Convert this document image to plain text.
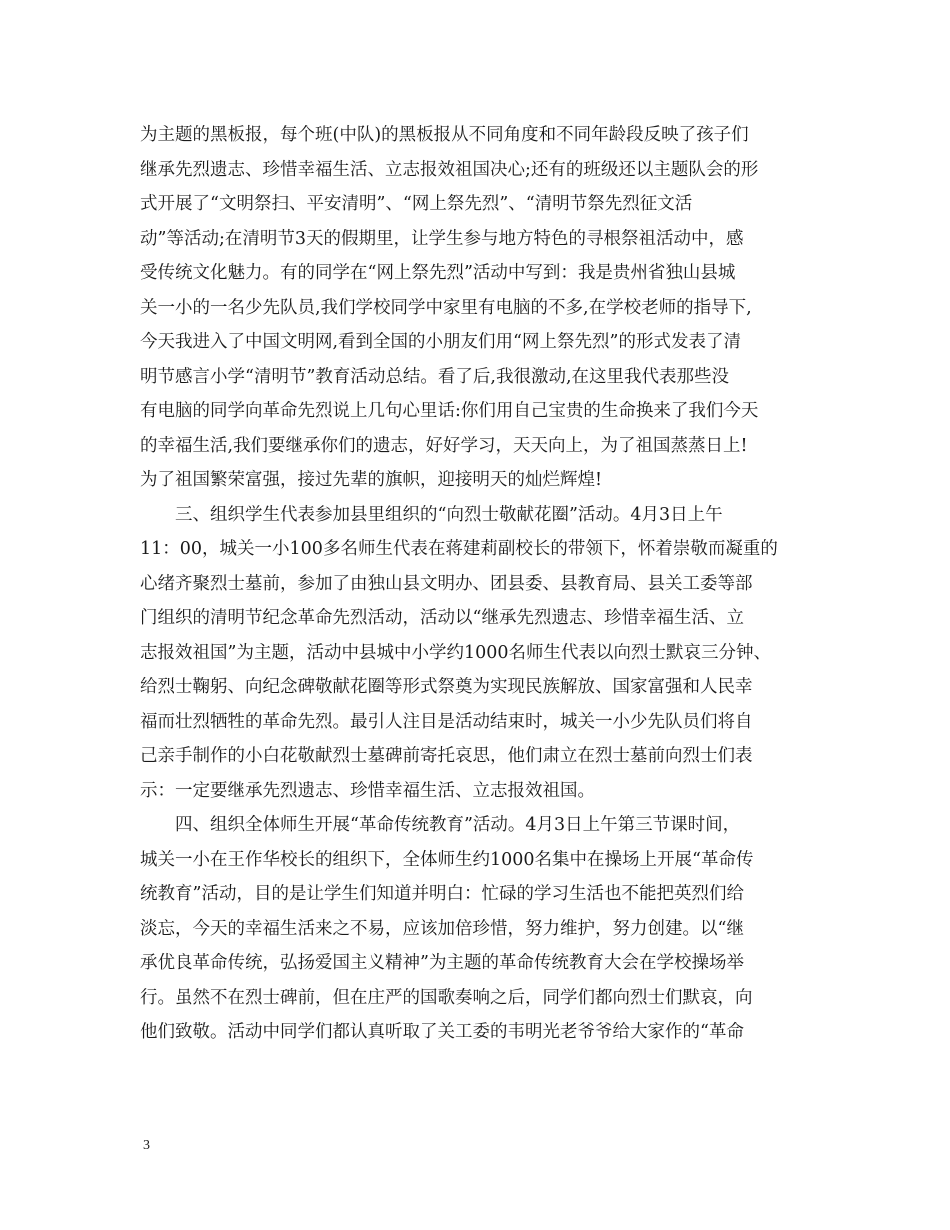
为主题的黑板报，每个班(中队)的黑板报从不同角度和不同年龄段反映了孩子们
继承先烈遗志、珍惜幸福生活、立志报效祖国决心;还有的班级还以主题队会的形
式开展了“文明祭扫、平安清明”、“网上祭先烈”、“清明节祭先烈征文活
动”等活动;在清明节3天的假期里，让学生参与地方特色的寻根祭祖活动中，感
受传统文化魅力。有的同学在“网上祭先烈”活动中写到：我是贵州省独山县城
关一小的一名少先队员,我们学校同学中家里有电脑的不多,在学校老师的指导下,
今天我进入了中国文明网,看到全国的小朋友们用“网上祭先烈”的形式发表了清
明节感言小学“清明节”教育活动总结。看了后,我很激动,在这里我代表那些没
有电脑的同学向革命先烈说上几句心里话:你们用自己宝贵的生命换来了我们今天
的幸福生活,我们要继承你们的遗志，好好学习，天天向上，为了祖国蒸蒸日上!
为了祖国繁荣富强，接过先辈的旗帜，迎接明天的灿烂辉煌!
　　三、组织学生代表参加县里组织的“向烈士敬献花圈”活动。4月3日上午
11：00，城关一小100多名师生代表在蒋建莉副校长的带领下，怀着崇敬而凝重的
心绪齐聚烈士墓前，参加了由独山县文明办、团县委、县教育局、县关工委等部
门组织的清明节纪念革命先烈活动，活动以“继承先烈遗志、珍惜幸福生活、立
志报效祖国”为主题，活动中县城中小学约1000名师生代表以向烈士默哀三分钟、
给烈士鞠躬、向纪念碑敬献花圈等形式祭奠为实现民族解放、国家富强和人民幸
福而壮烈牺牲的革命先烈。最引人注目是活动结束时，城关一小少先队员们将自
己亲手制作的小白花敬献烈士墓碑前寄托哀思，他们肃立在烈士墓前向烈士们表
示：一定要继承先烈遗志、珍惜幸福生活、立志报效祖国。
　　四、组织全体师生开展“革命传统教育”活动。4月3日上午第三节课时间，
城关一小在王作华校长的组织下，全体师生约1000名集中在操场上开展“革命传
统教育”活动，目的是让学生们知道并明白：忙碌的学习生活也不能把英烈们给
淡忘，今天的幸福生活来之不易，应该加倍珍惜，努力维护，努力创建。以“继
承优良革命传统，弘扬爱国主义精神”为主题的革命传统教育大会在学校操场举
行。虽然不在烈士碑前，但在庄严的国歌奏响之后，同学们都向烈士们默哀，向
他们致敬。活动中同学们都认真听取了关工委的韦明光老爷爷给大家作的“革命
3
